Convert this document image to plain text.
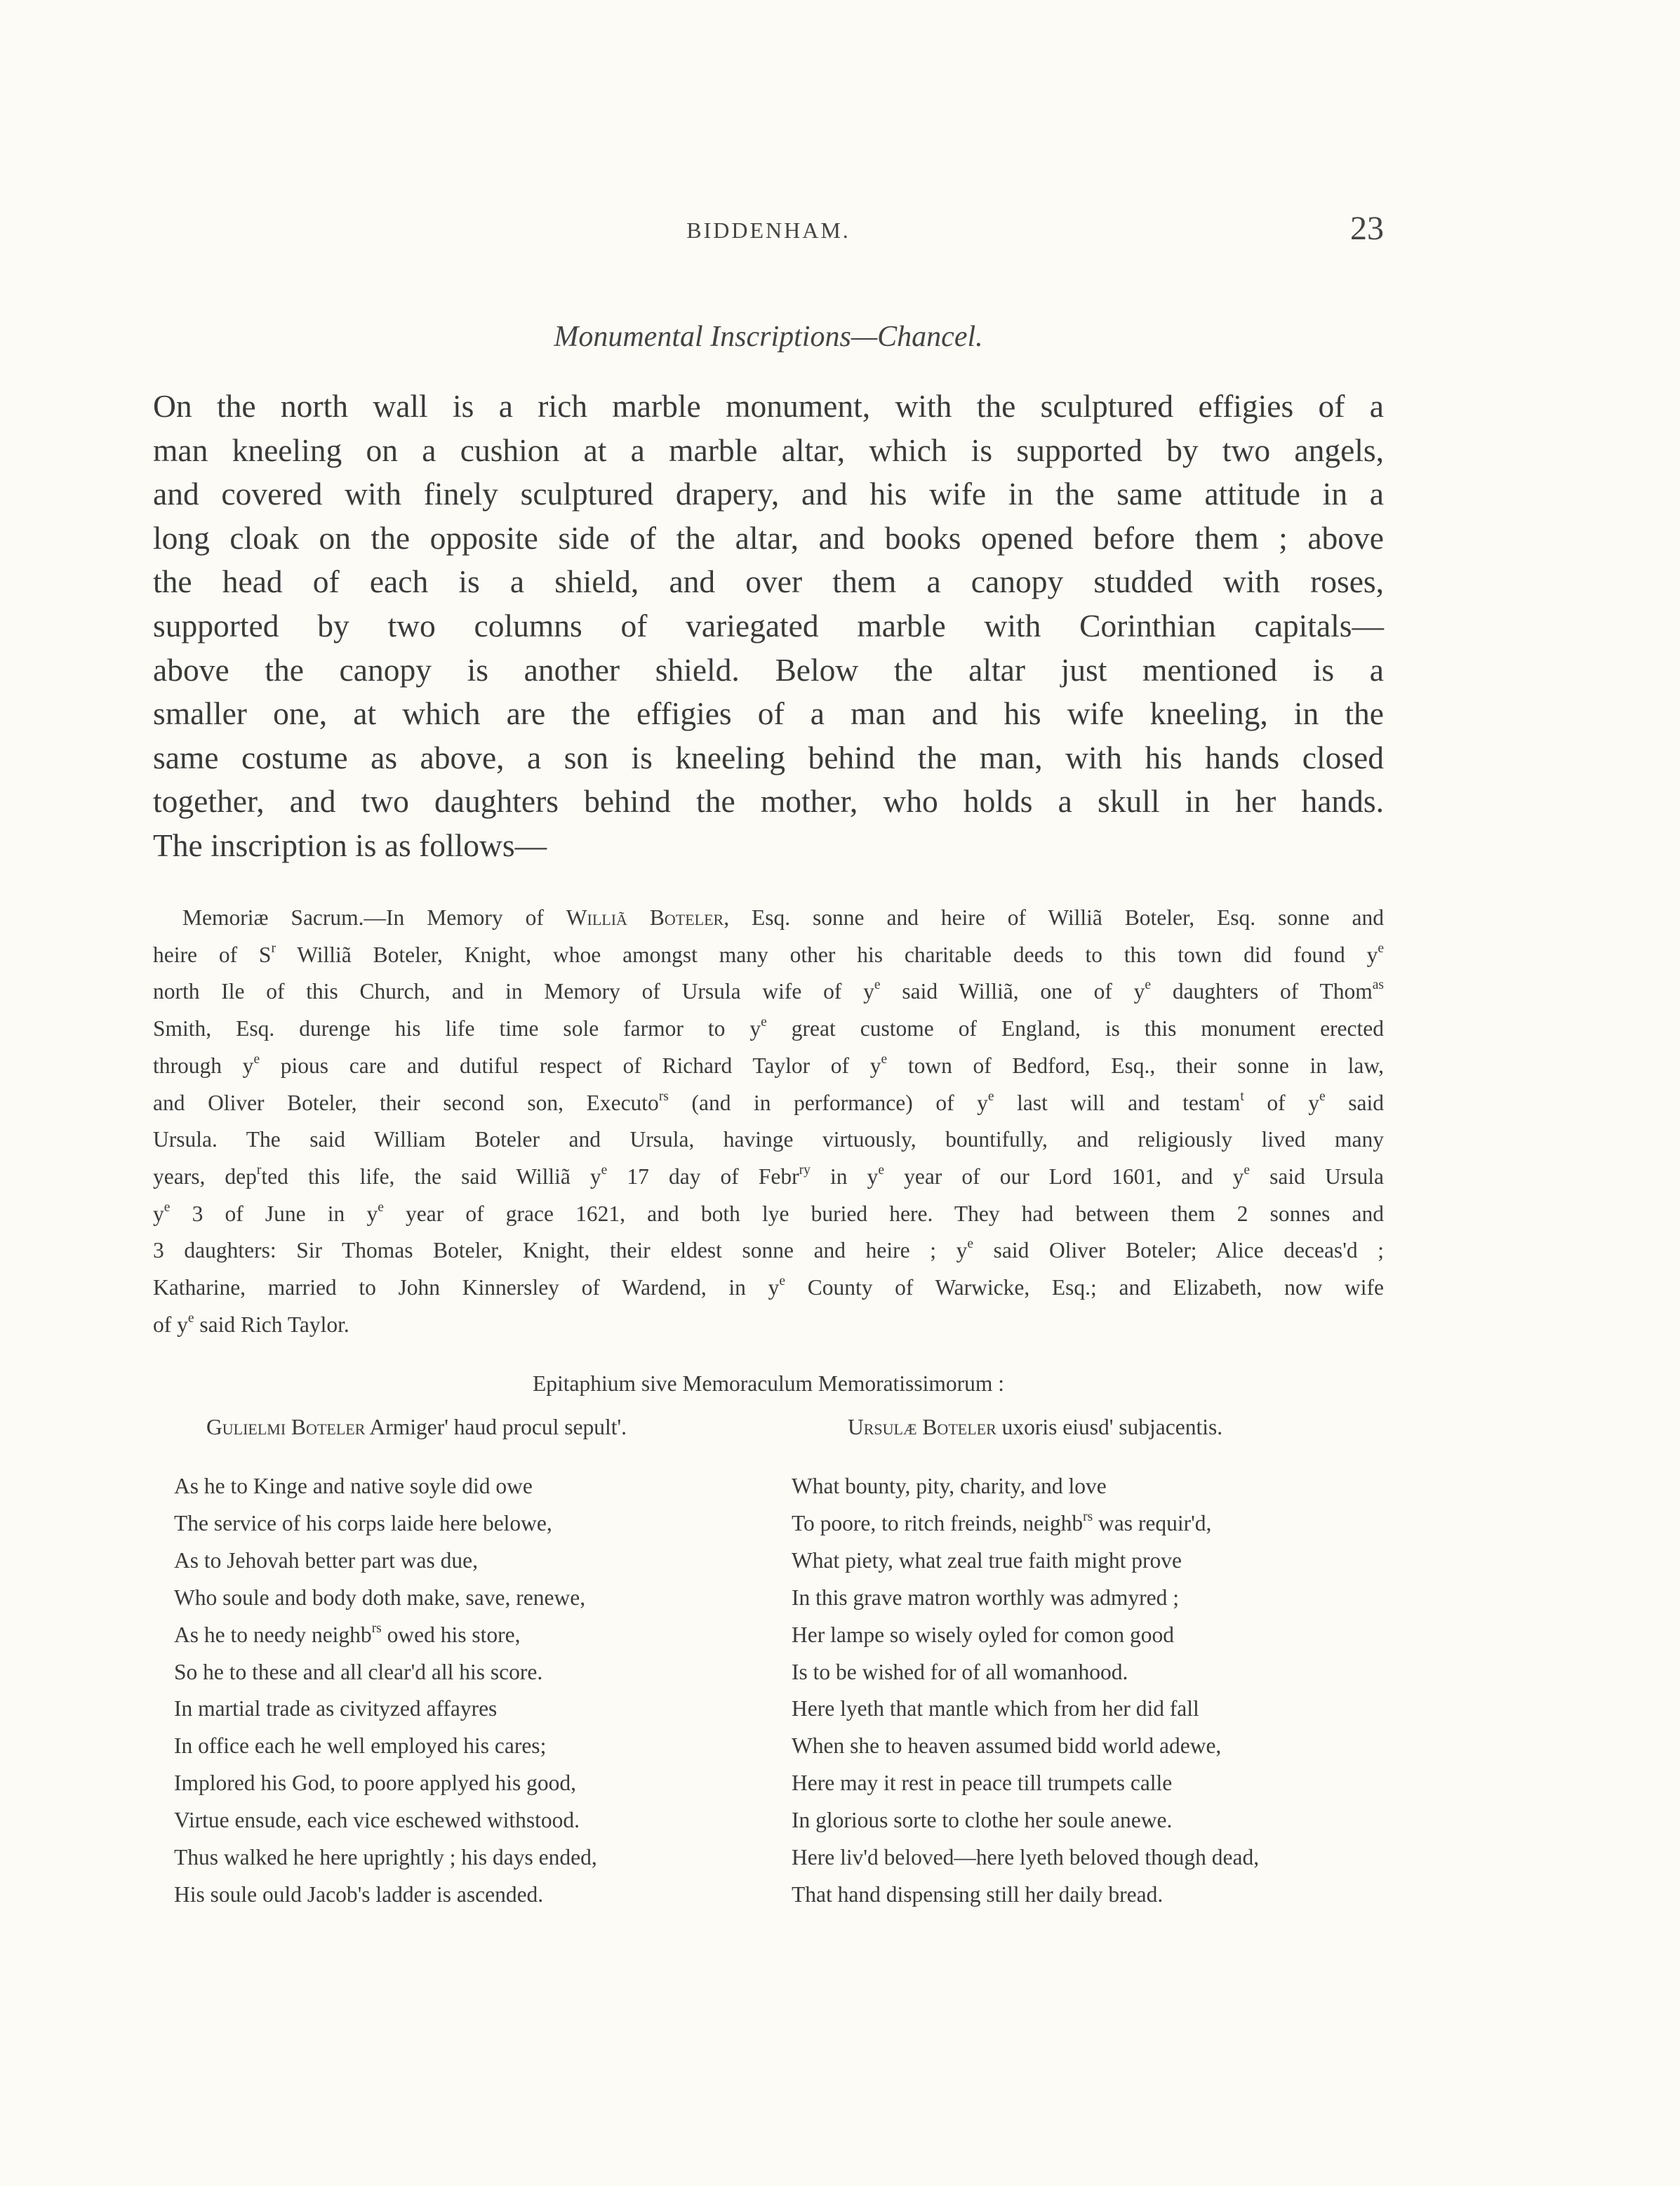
BIDDENHAM.	23
Monumental Inscriptions—Chancel.

On the north wall is a rich marble monument, with the sculptured effigies of a
man kneeling on a cushion at a marble altar, which is supported by two angels,
and covered with finely sculptured drapery, and his wife in the same attitude in a
long cloak on the opposite side of the altar, and books opened before them ; above
the head of each is a shield, and over them a canopy studded with roses,
supported by two columns of variegated marble with Corinthian capitals—
above the canopy is another shield. Below the altar just mentioned is a
smaller one, at which are the effigies of a man and his wife kneeling, in the
same costume as above, a son is kneeling behind the man, with his hands closed
together, and two daughters behind the mother, who holds a skull in her hands.
The inscription is as follows—

Memoriæ Sacrum.—In Memory of Williã Boteler, Esq. sonne and heire of Williã Boteler, Esq. sonne and
heire of $S^r$ Williã Boteler, Knight, whoe amongst many other his charitable deeds to this town did found $y^e$
north Ile of this Church, and in Memory of Ursula wife of $y^e$ said Williã, one of $y^e$ daughters of Thom$^{as}$
Smith, Esq. durenge his life time sole farmor to $y^e$ great custome of England, is this monument erected
through $y^e$ pious care and dutiful respect of Richard Taylor of $y^e$ town of Bedford, Esq., their sonne in law,
and Oliver Boteler, their second son, Executo$^{rs}$ (and in performance) of $y^e$ last will and testam$^t$ of $y^e$ said
Ursula. The said William Boteler and Ursula, havinge virtuously, bountifully, and religiously lived many
years, dep$^r$ted this life, the said Williã $y^e$ 17 day of Febr$^{ry}$ in $y^e$ year of our Lord 1601, and $y^e$ said Ursula
$y^e$ 3 of June in $y^e$ year of grace 1621, and both lye buried here. They had between them 2 sonnes and
3 daughters: Sir Thomas Boteler, Knight, their eldest sonne and heire ; $y^e$ said Oliver Boteler; Alice deceas'd ;
Katharine, married to John Kinnersley of Wardend, in $y^e$ County of Warwicke, Esq.; and Elizabeth, now wife
of $y^e$ said Rich Taylor.

Epitaphium sive Memoraculum Memoratissimorum :
Gulielmi Boteler Armiger' haud procul sepult'.	Ursulæ Boteler uxoris eiusd' subjacentis.
As he to Kinge and native soyle did owe
The service of his corps laide here belowe,
As to Jehovah better part was due,
Who soule and body doth make, save, renewe,
As he to needy neighb$^{rs}$ owed his store,
So he to these and all clear'd all his score.
In martial trade as civityzed affayres
In office each he well employed his cares;
Implored his God, to poore applyed his good,
Virtue ensude, each vice eschewed withstood.
Thus walked he here uprightly ; his days ended,
His soule ould Jacob's ladder is ascended.
What bounty, pity, charity, and love
To poore, to ritch freinds, neighb$^{rs}$ was requir'd,
What piety, what zeal true faith might prove
In this grave matron worthly was admyred ;
Her lampe so wisely oyled for comon good
Is to be wished for of all womanhood.
Here lyeth that mantle which from her did fall
When she to heaven assumed bidd world adewe,
Here may it rest in peace till trumpets calle
In glorious sorte to clothe her soule anewe.
Here liv'd beloved—here lyeth beloved though dead,
That hand dispensing still her daily bread.
